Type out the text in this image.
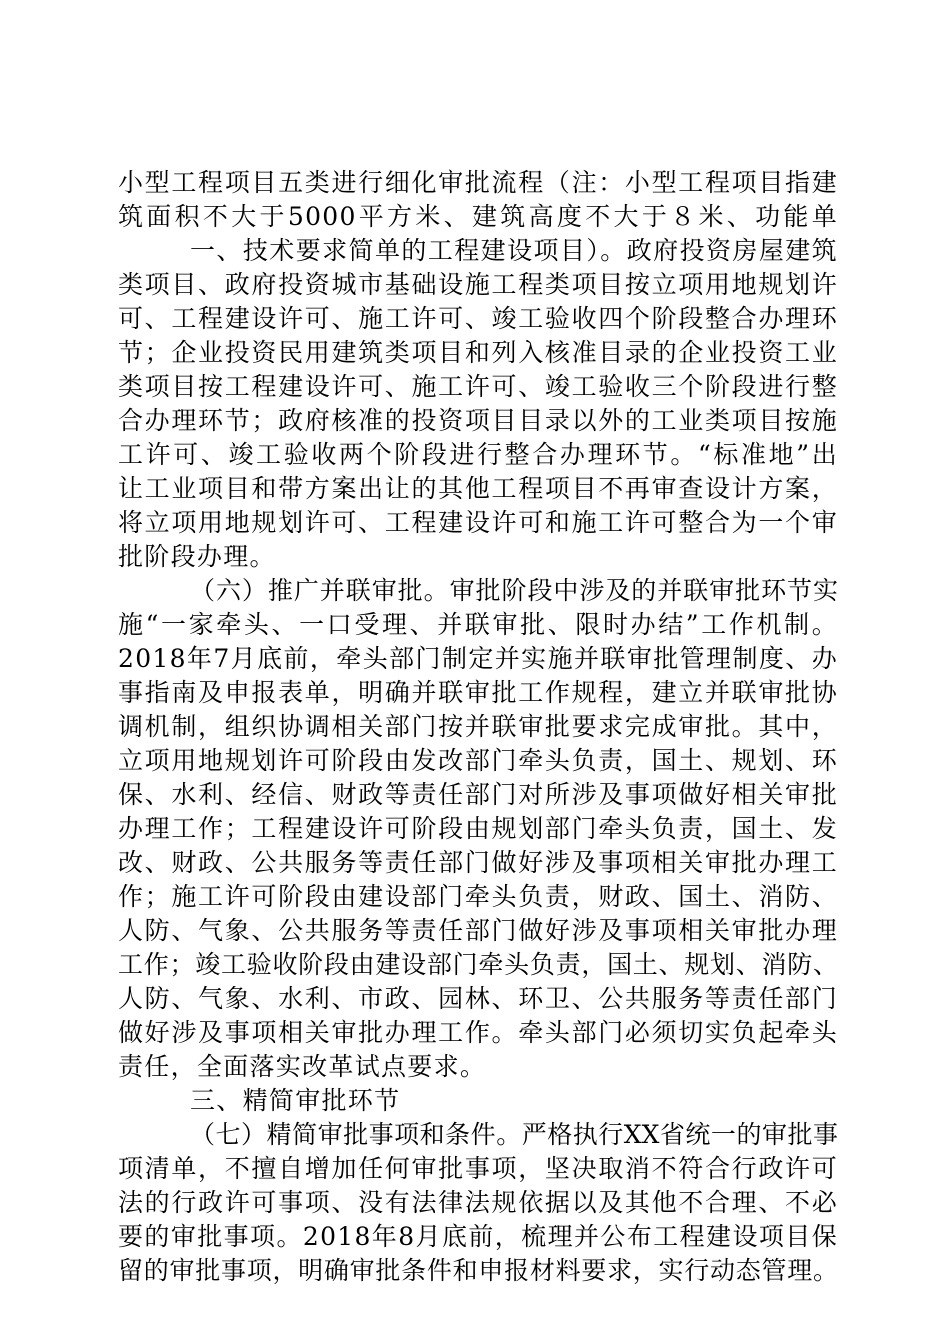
小型工程项目五类进行细化审批流程（注：小型工程项目指建
筑面积不大于5000平方米、建筑高度不大于８米、功能单
一、技术要求简单的工程建设项目）。政府投资房屋建筑
类项目、政府投资城市基础设施工程类项目按立项用地规划许
可、工程建设许可、施工许可、竣工验收四个阶段整合办理环
节；企业投资民用建筑类项目和列入核准目录的企业投资工业
类项目按工程建设许可、施工许可、竣工验收三个阶段进行整
合办理环节；政府核准的投资项目目录以外的工业类项目按施
工许可、竣工验收两个阶段进行整合办理环节。“标准地”出
让工业项目和带方案出让的其他工程项目不再审查设计方案，
将立项用地规划许可、工程建设许可和施工许可整合为一个审
批阶段办理。
（六）推广并联审批。审批阶段中涉及的并联审批环节实
施“一家牵头、一口受理、并联审批、限时办结”工作机制。
2018年7月底前，牵头部门制定并实施并联审批管理制度、办
事指南及申报表单，明确并联审批工作规程，建立并联审批协
调机制，组织协调相关部门按并联审批要求完成审批。其中，
立项用地规划许可阶段由发改部门牵头负责，国土、规划、环
保、水利、经信、财政等责任部门对所涉及事项做好相关审批
办理工作；工程建设许可阶段由规划部门牵头负责，国土、发
改、财政、公共服务等责任部门做好涉及事项相关审批办理工
作；施工许可阶段由建设部门牵头负责，财政、国土、消防、
人防、气象、公共服务等责任部门做好涉及事项相关审批办理
工作；竣工验收阶段由建设部门牵头负责，国土、规划、消防、
人防、气象、水利、市政、园林、环卫、公共服务等责任部门
做好涉及事项相关审批办理工作。牵头部门必须切实负起牵头
责任，全面落实改革试点要求。
三、精简审批环节
（七）精简审批事项和条件。严格执行XX省统一的审批事
项清单，不擅自增加任何审批事项，坚决取消不符合行政许可
法的行政许可事项、没有法律法规依据以及其他不合理、不必
要的审批事项。2018年8月底前，梳理并公布工程建设项目保
留的审批事项，明确审批条件和申报材料要求，实行动态管理。
